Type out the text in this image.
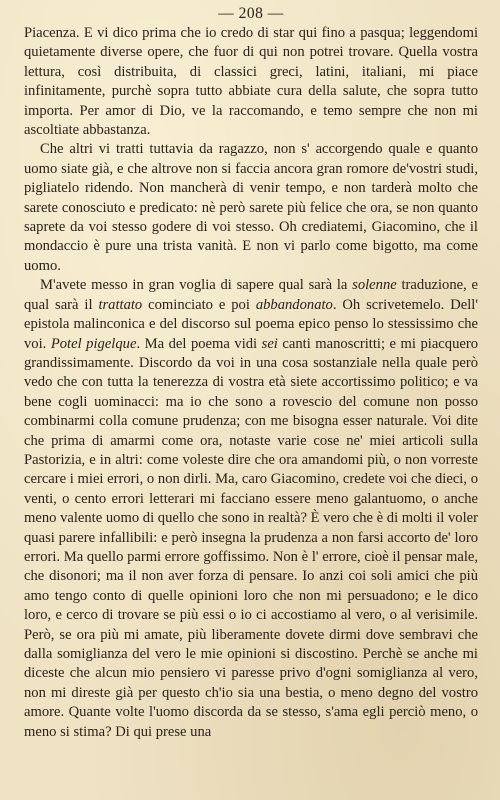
— 208 —

Piacenza. E vi dico prima che io credo di star qui fino a pasqua; leggendomi quietamente diverse opere, che fuor di qui non potrei trovare. Quella vostra lettura, così distribuita, di classici greci, latini, italiani, mi piace infinitamente, purchè sopra tutto abbiate cura della salute, che sopra tutto importa. Per amor di Dio, ve la raccomando, e temo sempre che non mi ascoltiate abbastanza.

Che altri vi tratti tuttavia da ragazzo, non s' accorgendo quale e quanto uomo siate già, e che altrove non si faccia ancora gran romore de'vostri studi, pigliatelo ridendo. Non mancherà di venir tempo, e non tarderà molto che sarete conosciuto e predicato: nè però sarete più felice che ora, se non quanto saprete da voi stesso godere di voi stesso. Oh crediatemi, Giacomino, che il mondaccio è pure una trista vanità. E non vi parlo come bigotto, ma come uomo.

M'avete messo in gran voglia di sapere qual sarà la solenne traduzione, e qual sarà il trattato cominciato e poi abbandonato. Oh scrivetemelo. Dell' epistola malinconica e del discorso sul poema epico penso lo stessissimo che voi. Potel pigelque. Ma del poema vidi sei canti manoscritti; e mi piacquero grandissimamente. Discordo da voi in una cosa sostanziale nella quale però vedo che con tutta la tenerezza di vostra età siete accortissimo politico; e va bene cogli uominacci: ma io che sono a rovescio del comune non posso combinarmi colla comune prudenza; con me bisogna esser naturale. Voi dite che prima di amarmi come ora, notaste varie cose ne' miei articoli sulla Pastorizia, e in altri: come voleste dire che ora amandomi più, o non vorreste cercare i miei errori, o non dirli. Ma, caro Giacomino, credete voi che dieci, o venti, o cento errori letterari mi facciano essere meno galantuomo, o anche meno valente uomo di quello che sono in realtà? È vero che è di molti il voler quasi parere infallibili: e però insegna la prudenza a non farsi accorto de' loro errori. Ma quello parmi errore goffissimo. Non è l' errore, cioè il pensar male, che disonori; ma il non aver forza di pensare. Io anzi coi soli amici che più amo tengo conto di quelle opinioni loro che non mi persuadono; e le dico loro, e cerco di trovare se più essi o io ci accostiamo al vero, o al verisimile. Però, se ora più mi amate, più liberamente dovete dirmi dove sembravi che dalla somiglianza del vero le mie opinioni si discostino. Perchè se anche mi diceste che alcun mio pensiero vi paresse privo d'ogni somiglianza al vero, non mi direste già per questo ch'io sia una bestia, o meno degno del vostro amore. Quante volte l'uomo discorda da se stesso, s'ama egli perciò meno, o meno si stima? Di qui prese una
